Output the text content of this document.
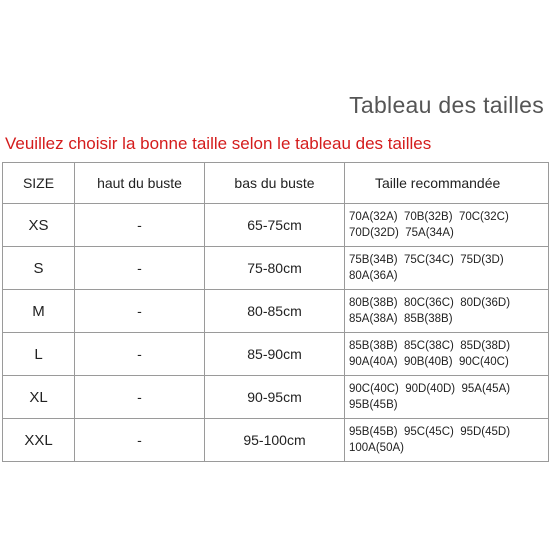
Tableau des tailles
Veuillez choisir la bonne taille selon le tableau des tailles
SIZE	haut du buste	bas du buste	Taille recommandée
XS	-	65-75cm	70A(32A)  70B(32B)  70C(32C)
70D(32D)  75A(34A)

S	-	75-80cm	75B(34B)  75C(34C)  75D(3D)
80A(36A)

M	-	80-85cm	80B(38B)  80C(36C)  80D(36D)
85A(38A)  85B(38B)

L	-	85-90cm	85B(38B)  85C(38C)  85D(38D)
90A(40A)  90B(40B)  90C(40C)

XL	-	90-95cm	90C(40C)  90D(40D)  95A(45A)
95B(45B)

XXL	-	95-100cm	95B(45B)  95C(45C)  95D(45D)
100A(50A)
